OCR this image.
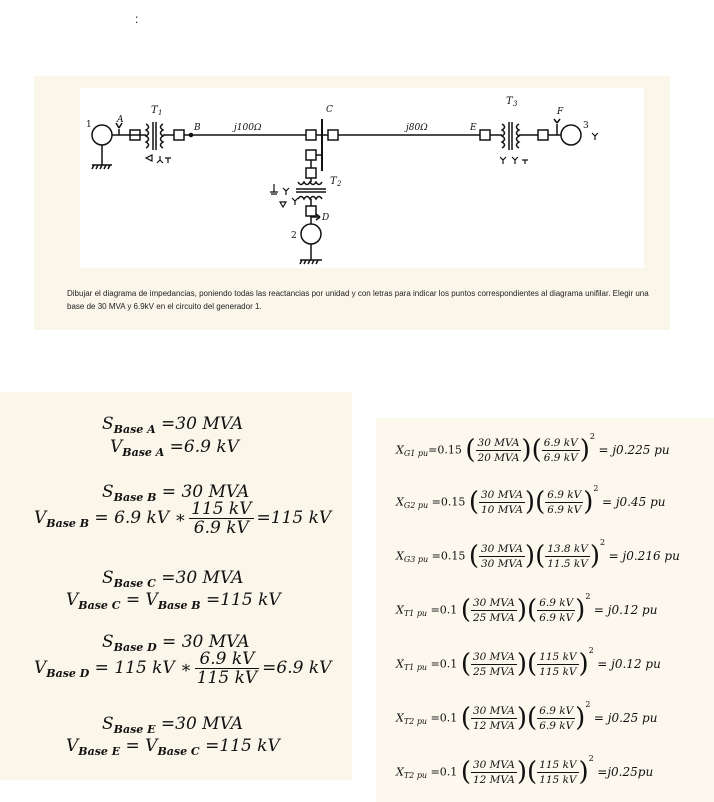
:
1	A
T 1
B	j100Ω
C
j80Ω	E
T 3
F
3
T 2
D
2
Dibujar el diagrama de impedancias, poniendo todas las reactancias por unidad y con letras para indicar los puntos correspondientes al diagrama unifilar. Elegir una base de 30 MVA y 6.9kV en el circuito del generador 1.
$S_{Base A} =30$ MVA
$V_{Base A} =6.9$ kV
$S_{Base B} = 30$ MVA
$V_{Base B} = 6.9$ kV ∗ $\frac{115 kV}{6.9 kV} =115$ kV
$S_{Base C} =30$ MVA
$V_{Base C} = V_{Base B} =115$ kV
$S_{Base D} = 30$ MVA
$V_{Base D} = 115$ kV ∗ $\frac{6.9 kV}{115 kV} =6.9$ kV
$S_{Base E} =30$ MVA
$V_{Base E} = V_{Base C} =115$ kV
$X_{G1 pu}=0.15$ ( $\frac{\text{30 MVA}}{\text{20 MVA}}$ )( $\frac{6.9 kV}{6.9 kV} )^2 = j0.225$ pu
$X_{G2 pu} =0.15$ ( $\frac{\text{30 MVA}}{\text{10 MVA}}$ )( $\frac{6.9 kV}{6.9 kV} )^2 = j0.45$ pu
$X_{G3 pu} =0.15$ ( $\frac{\text{30 MVA}}{\text{30 MVA}}$ )( $\frac{13.8 kV}{11.5 kV} )^2 = j0.216$ pu
$X_{T1 pu} =0.1$ ( $\frac{\text{30 MVA}}{\text{25 MVA}}$ )( $\frac{6.9 kV}{6.9 kV} )^2 = j0.12$ pu
$X_{T1 pu} =0.1$ ( $\frac{\text{30 MVA}}{\text{25 MVA}}$ )( $\frac{115 kV}{115 kV} )^2 = j0.12$ pu
$X_{T2 pu} =0.1$ ( $\frac{\text{30 MVA}}{\text{12 MVA}}$ )( $\frac{6.9 kV}{6.9 kV} )^2 = j0.25$ pu
$X_{T2 pu} =0.1$ ( $\frac{\text{30 MVA}}{\text{12 MVA}}$ )( $\frac{115 kV}{115 kV} )^2 =j0.25pu$
